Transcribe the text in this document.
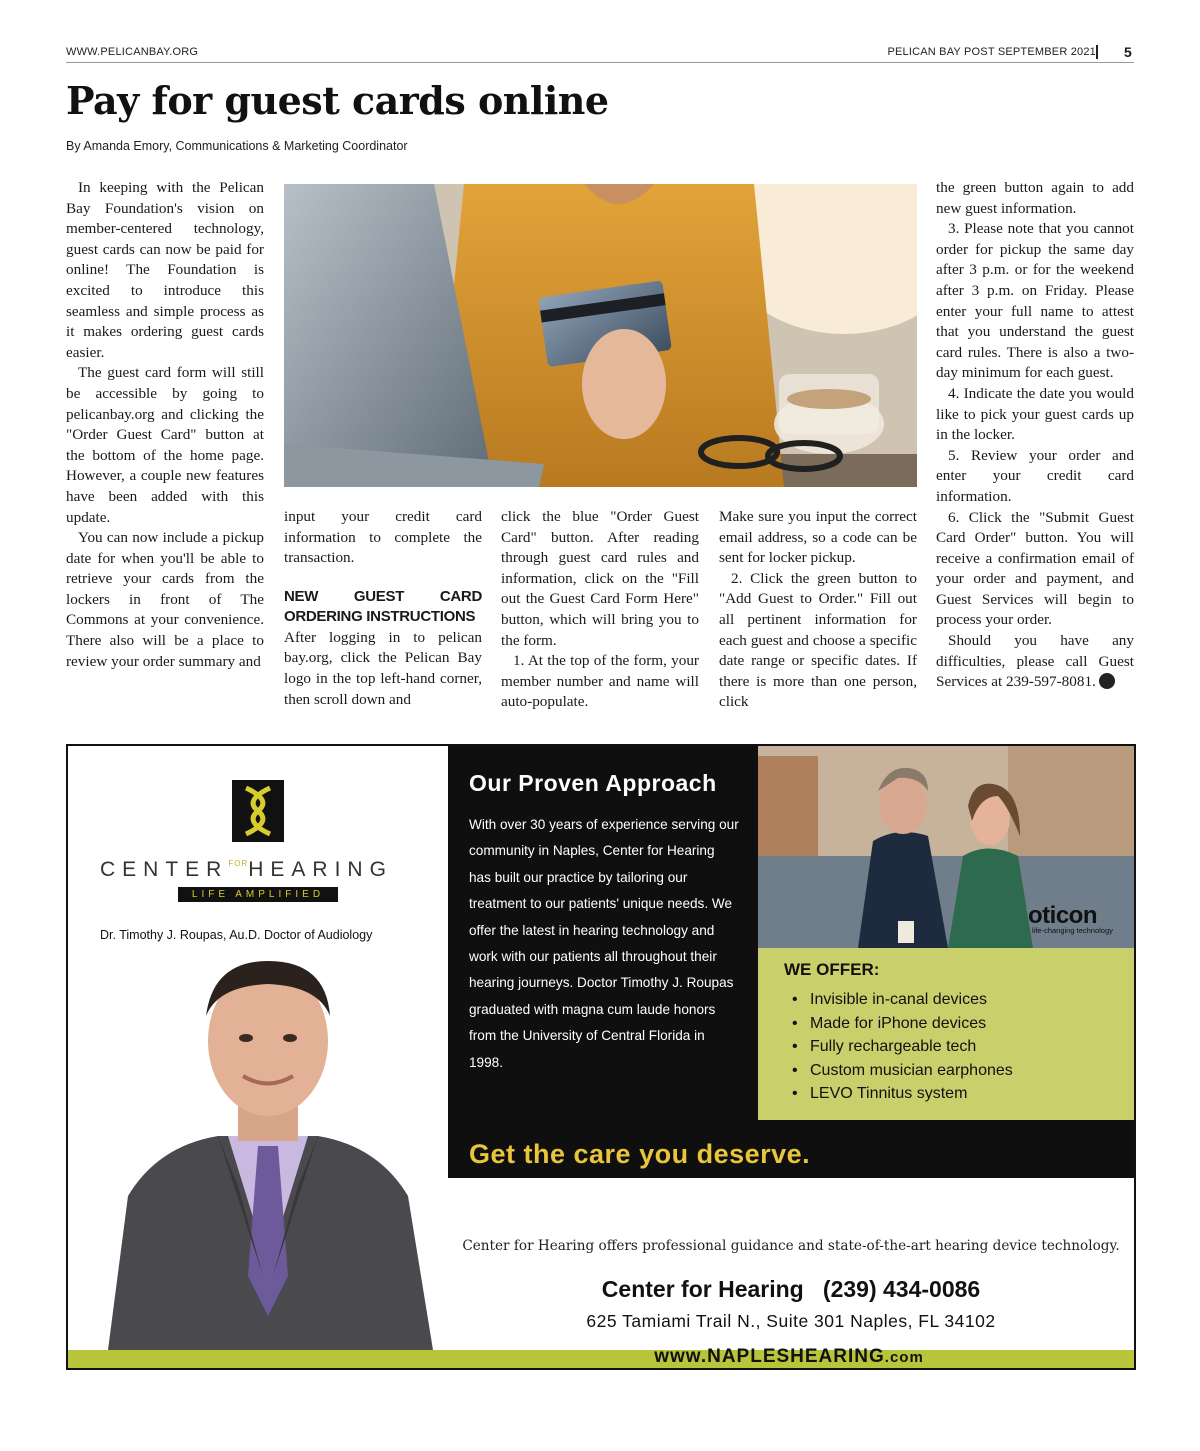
WWW.PELICANBAY.ORG	PELICAN BAY POST SEPTEMBER 2021 5
Pay for guest cards online
By Amanda Emory, Communications & Marketing Coordinator

In keeping with the Pelican Bay Foundation's vision on member-centered technology, guest cards can now be paid for online! The Foundation is excited to introduce this seamless and simple process as it makes ordering guest cards easier.

The guest card form will still be accessible by going to pelicanbay.org and clicking the "Order Guest Card" button at the bottom of the home page. However, a couple new features have been added with this update.

You can now include a pickup date for when you'll be able to retrieve your cards from the lockers in front of The Commons at your convenience. There also will be a place to review your order summary and

input your credit card information to complete the transaction.

NEW GUEST CARD ORDERING INSTRUCTIONS

After logging in to pelican bay.org, click the Pelican Bay logo in the top left-hand corner, then scroll down and

click the blue "Order Guest Card" button. After reading through guest card rules and information, click on the "Fill out the Guest Card Form Here" button, which will bring you to the form.

1. At the top of the form, your member number and name will auto-populate.

Make sure you input the correct email address, so a code can be sent for locker pickup.

2. Click the green button to "Add Guest to Order." Fill out all pertinent information for each guest and choose a specific date range or specific dates. If there is more than one person, click

the green button again to add new guest information.

3. Please note that you cannot order for pickup the same day after 3 p.m. or for the weekend after 3 p.m. on Friday. Please enter your full name to attest that you understand the guest card rules. There is also a two-day minimum for each guest.

4. Indicate the date you would like to pick your guest cards up in the locker.

5. Review your order and enter your credit card information.

6. Click the "Submit Guest Card Order" button. You will receive a confirmation email of your order and payment, and Guest Services will begin to process your order.

Should you have any difficulties, please call Guest Services at 239-597-8081.

$CENTER^{FOR}HEARING$
LIFE AMPLIFIED
Dr. Timothy J. Roupas, Au.D. Doctor of Audiology
Our Proven Approach
With over 30 years of experience serving our community in Naples, Center for Hearing has built our practice by tailoring our treatment to our patients' unique needs. We offer the latest in hearing technology and work with our patients all throughout their hearing journeys. Doctor Timothy J. Roupas graduated with magna cum laude honors from the University of Central Florida in 1998.
oticon
life-changing technology
WE OFFER:
• Invisible in-canal devices
• Made for iPhone devices
• Fully rechargeable tech
• Custom musician earphones
• LEVO Tinnitus system
Get the care you deserve.
Call today to schedule your appointment: (239) 434-0086
Center for Hearing offers professional guidance and state-of-the-art hearing device technology.
Center for Hearing (239) 434-0086
625 Tamiami Trail N., Suite 301 Naples, FL 34102
www.NAPLESHEARING.com
